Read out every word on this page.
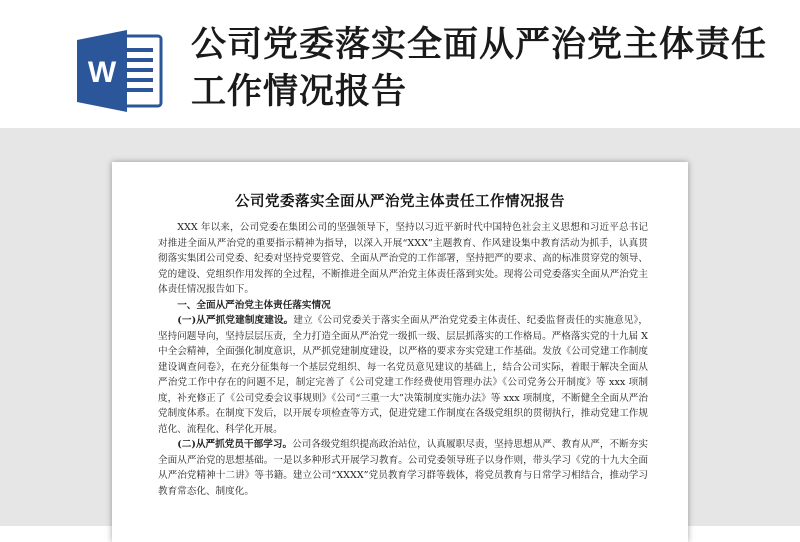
W
公司党委落实全面从严治党主体责任工作情况报告
公司党委落实全面从严治党主体责任工作情况报告

XXX 年以来，公司党委在集团公司的坚强领导下，坚持以习近平新时代中国特色社会主义思想和习近平总书记对推进全面从严治党的重要指示精神为指导，以深入开展“XXX”主题教育、作风建设集中教育活动为抓手，认真贯彻落实集团公司党委、纪委对坚持党要管党、全面从严治党的工作部署，坚持把严的要求、高的标准贯穿党的领导、党的建设、党组织作用发挥的全过程，不断推进全面从严治党主体责任落到实处。现将公司党委落实全面从严治党主体责任情况报告如下。

一、全面从严治党主体责任落实情况

(一)从严抓党建制度建设。建立《公司党委关于落实全面从严治党党委主体责任、纪委监督责任的实施意见》，坚持问题导向，坚持层层压责，全力打造全面从严治党一级抓一级、层层抓落实的工作格局。严格落实党的十九届 X 中全会精神，全面强化制度意识，从严抓党建制度建设，以严格的要求夯实党建工作基础。发放《公司党建工作制度建设调查问卷》，在充分征集每一个基层党组织、每一名党员意见建议的基础上，结合公司实际，着眼于解决全面从严治党工作中存在的问题不足，制定完善了《公司党建工作经费使用管理办法》《公司党务公开制度》等 xxx 项制度，补充修正了《公司党委会议事规则》《公司“三重一大”决策制度实施办法》等 xxx 项制度，不断健全全面从严治党制度体系。在制度下发后，以开展专项检查等方式，促进党建工作制度在各级党组织的贯彻执行，推动党建工作规范化、流程化、科学化开展。

(二)从严抓党员干部学习。公司各级党组织提高政治站位，认真履职尽责，坚持思想从严、教育从严，不断夯实全面从严治党的思想基础。一是以多种形式开展学习教育。公司党委领导班子以身作则，带头学习《党的十九大全面从严治党精神十二讲》等书籍。建立公司“XXXX”党员教育学习群等载体，将党员教育与日常学习相结合，推动学习教育常态化、制度化。
